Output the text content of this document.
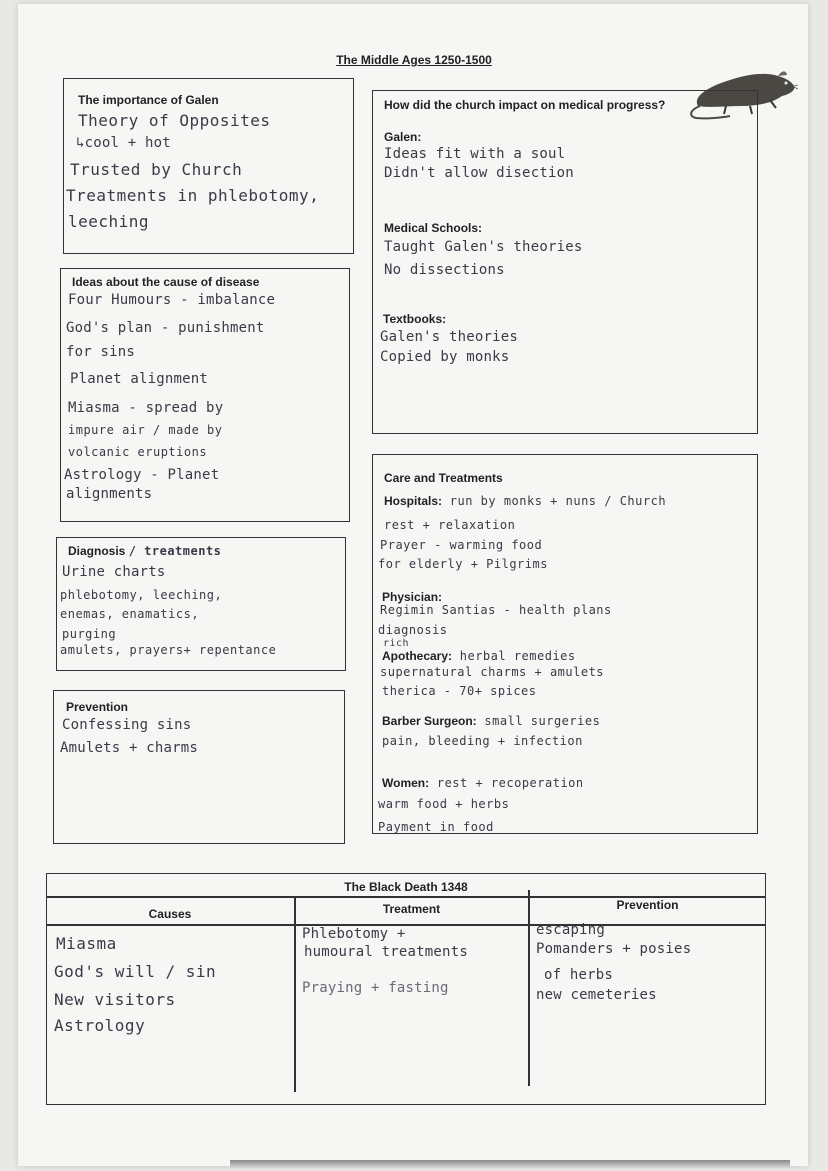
The Middle Ages 1250-1500
The importance of Galen
Theory of Opposites
↳cool + hot
Trusted by Church
Treatments in phlebotomy,
leeching
Ideas about the cause of disease
Four Humours - imbalance
God's plan - punishment
for sins
Planet alignment
Miasma - spread by
impure air / made by
volcanic eruptions
Astrology - Planet
alignments
Diagnosis / treatments
Urine charts
phlebotomy, leeching,
enemas, enamatics,
purging
amulets, prayers+ repentance
Prevention
Confessing sins
Amulets + charms
How did the church impact on medical progress?
Galen:
Ideas fit with a soul
Didn't allow disection
Medical Schools:
Taught Galen's theories
No dissections
Textbooks:
Galen's theories
Copied by monks
Care and Treatments
Hospitals: run by monks + nuns / Church
rest + relaxation
Prayer - warming food
for elderly + Pilgrims
Physician:
Regimin Santias - health plans
diagnosis
rich
Apothecary: herbal remedies
supernatural charms + amulets
therica - 70+ spices
Barber Surgeon: small surgeries
pain, bleeding + infection
Women: rest + recoperation
warm food + herbs
Payment in food
The Black Death 1348
Causes	Treatment	Prevention
Miasma
God's will / sin
New visitors
Astrology
Phlebotomy +
humoural treatments
Praying + fasting
escaping
Pomanders + posies
of herbs
new cemeteries
